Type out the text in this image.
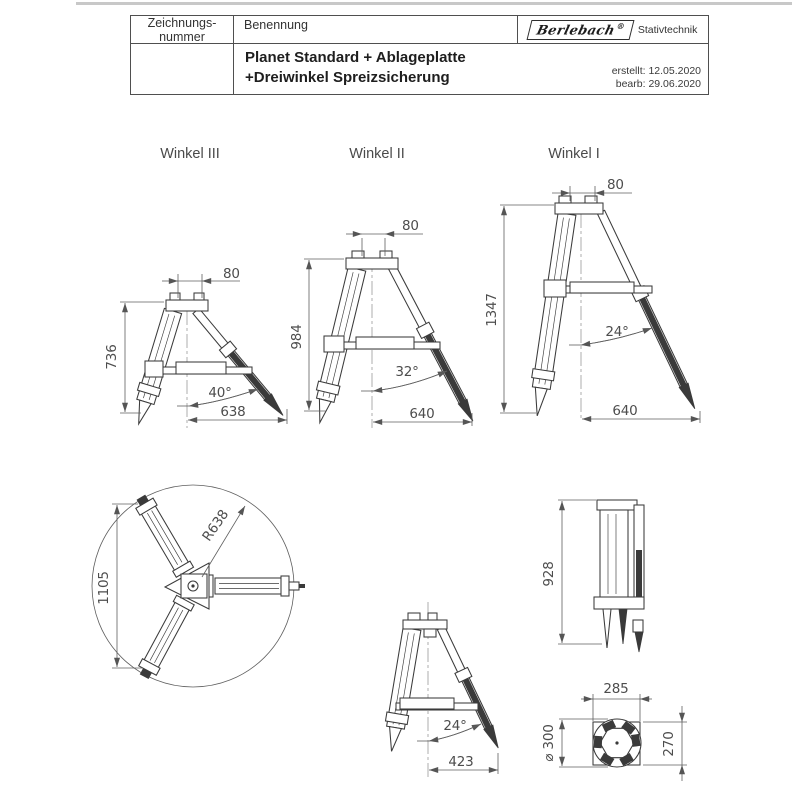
Zeichnungs-
nummer
Benennung	Berlebach® Stativtechnik
Planet Standard + Ablageplatte
+Dreiwinkel Spreizsicherung	erstellt: 12.05.2020
bearb: 29.06.2020
Winkel III	Winkel II	Winkel I
80
736
40°
638
80
984
32°
640
80
1347
24°
640
R638
1105
24°
423
928
285
⌀ 300	270
